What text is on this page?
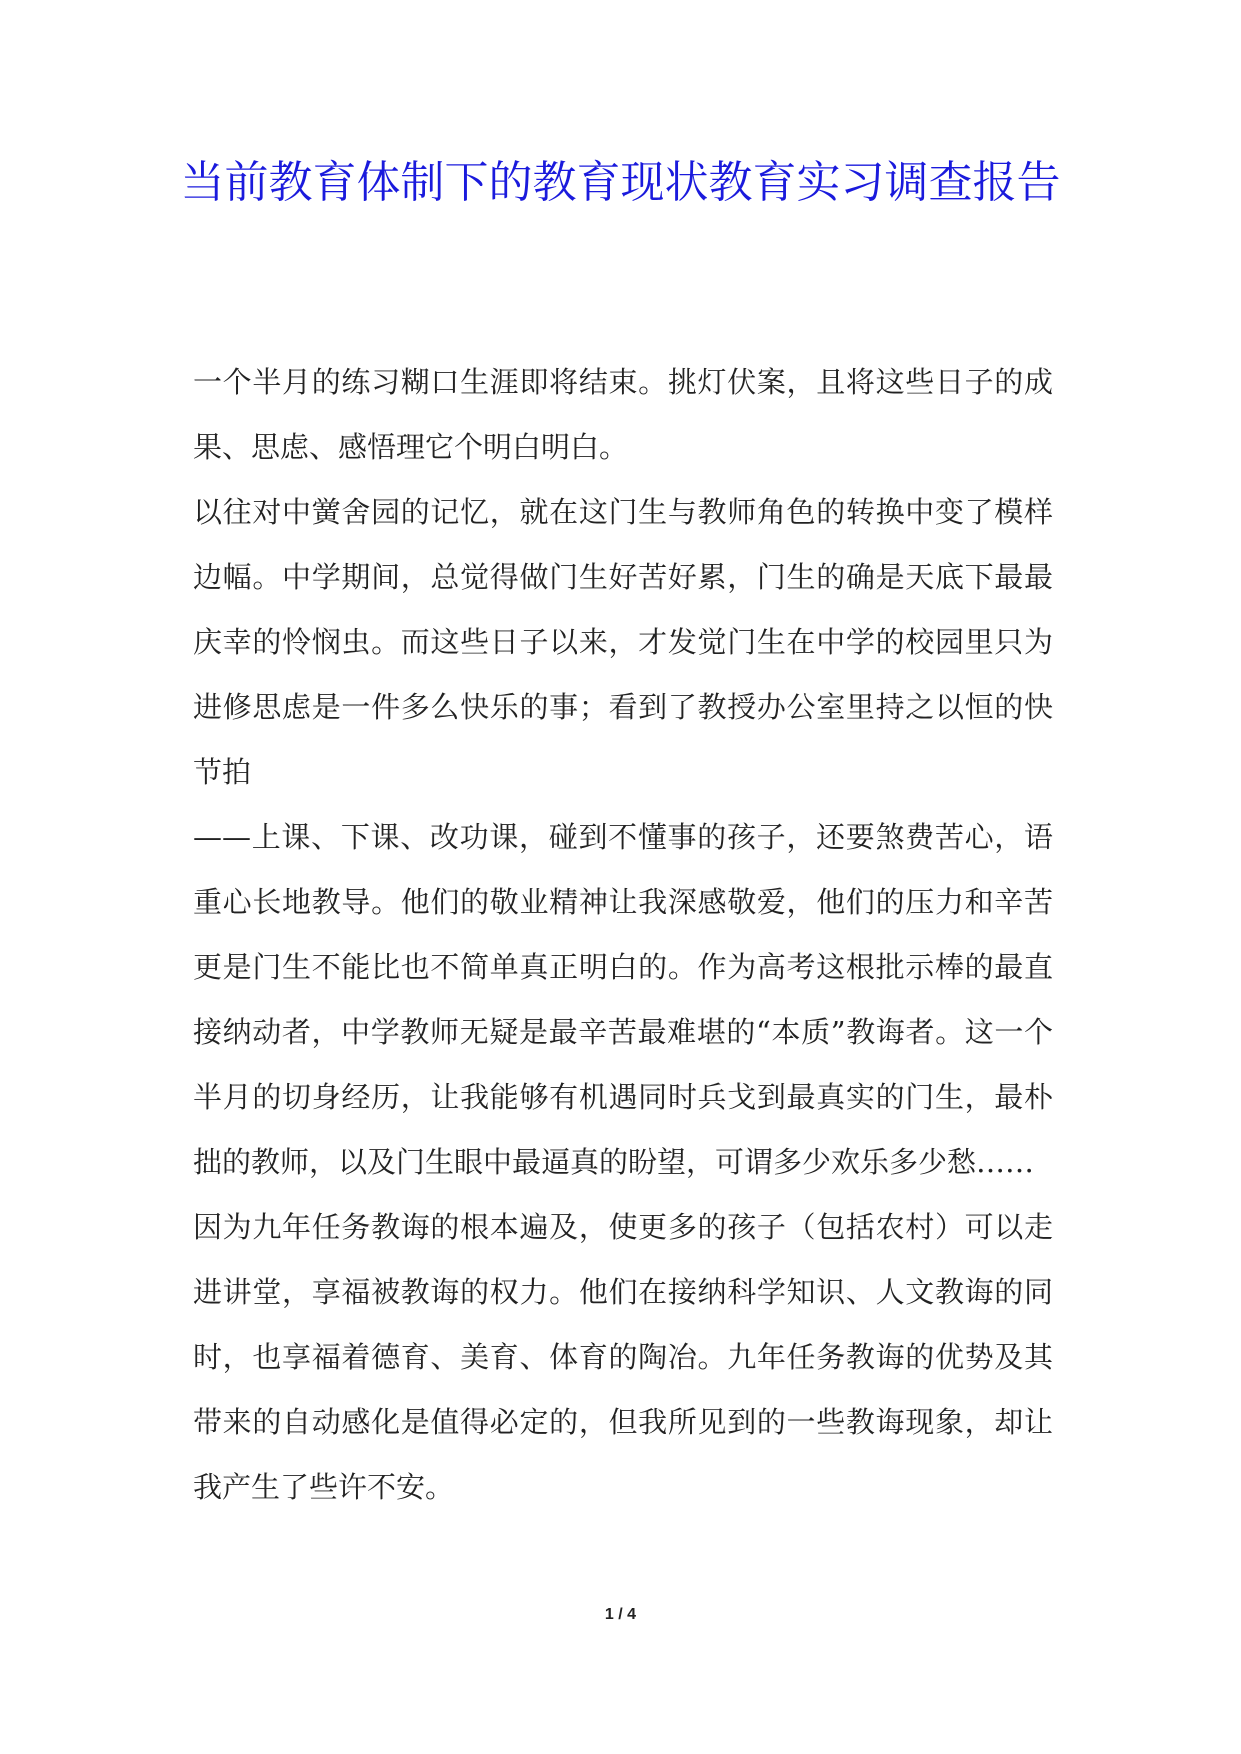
当前教育体制下的教育现状教育实习调查报告

一个半月的练习糊口生涯即将结束。挑灯伏案，且将这些日子的成果、思虑、感悟理它个明白明白。

以往对中黉舍园的记忆，就在这门生与教师角色的转换中变了模样边幅。中学期间，总觉得做门生好苦好累，门生的确是天底下最最庆幸的怜悯虫。而这些日子以来，才发觉门生在中学的校园里只为进修思虑是一件多么快乐的事；看到了教授办公室里持之以恒的快节拍

——上课、下课、改功课，碰到不懂事的孩子，还要煞费苦心，语重心长地教导。他们的敬业精神让我深感敬爱，他们的压力和辛苦更是门生不能比也不简单真正明白的。作为高考这根批示棒的最直接纳动者，中学教师无疑是最辛苦最难堪的“本质”教诲者。这一个半月的切身经历，让我能够有机遇同时兵戈到最真实的门生，最朴拙的教师，以及门生眼中最逼真的盼望，可谓多少欢乐多少愁……

因为九年任务教诲的根本遍及，使更多的孩子（包括农村）可以走进讲堂，享福被教诲的权力。他们在接纳科学知识、人文教诲的同时，也享福着德育、美育、体育的陶冶。九年任务教诲的优势及其带来的自动感化是值得必定的，但我所见到的一些教诲现象，却让我产生了些许不安。

1 / 4
